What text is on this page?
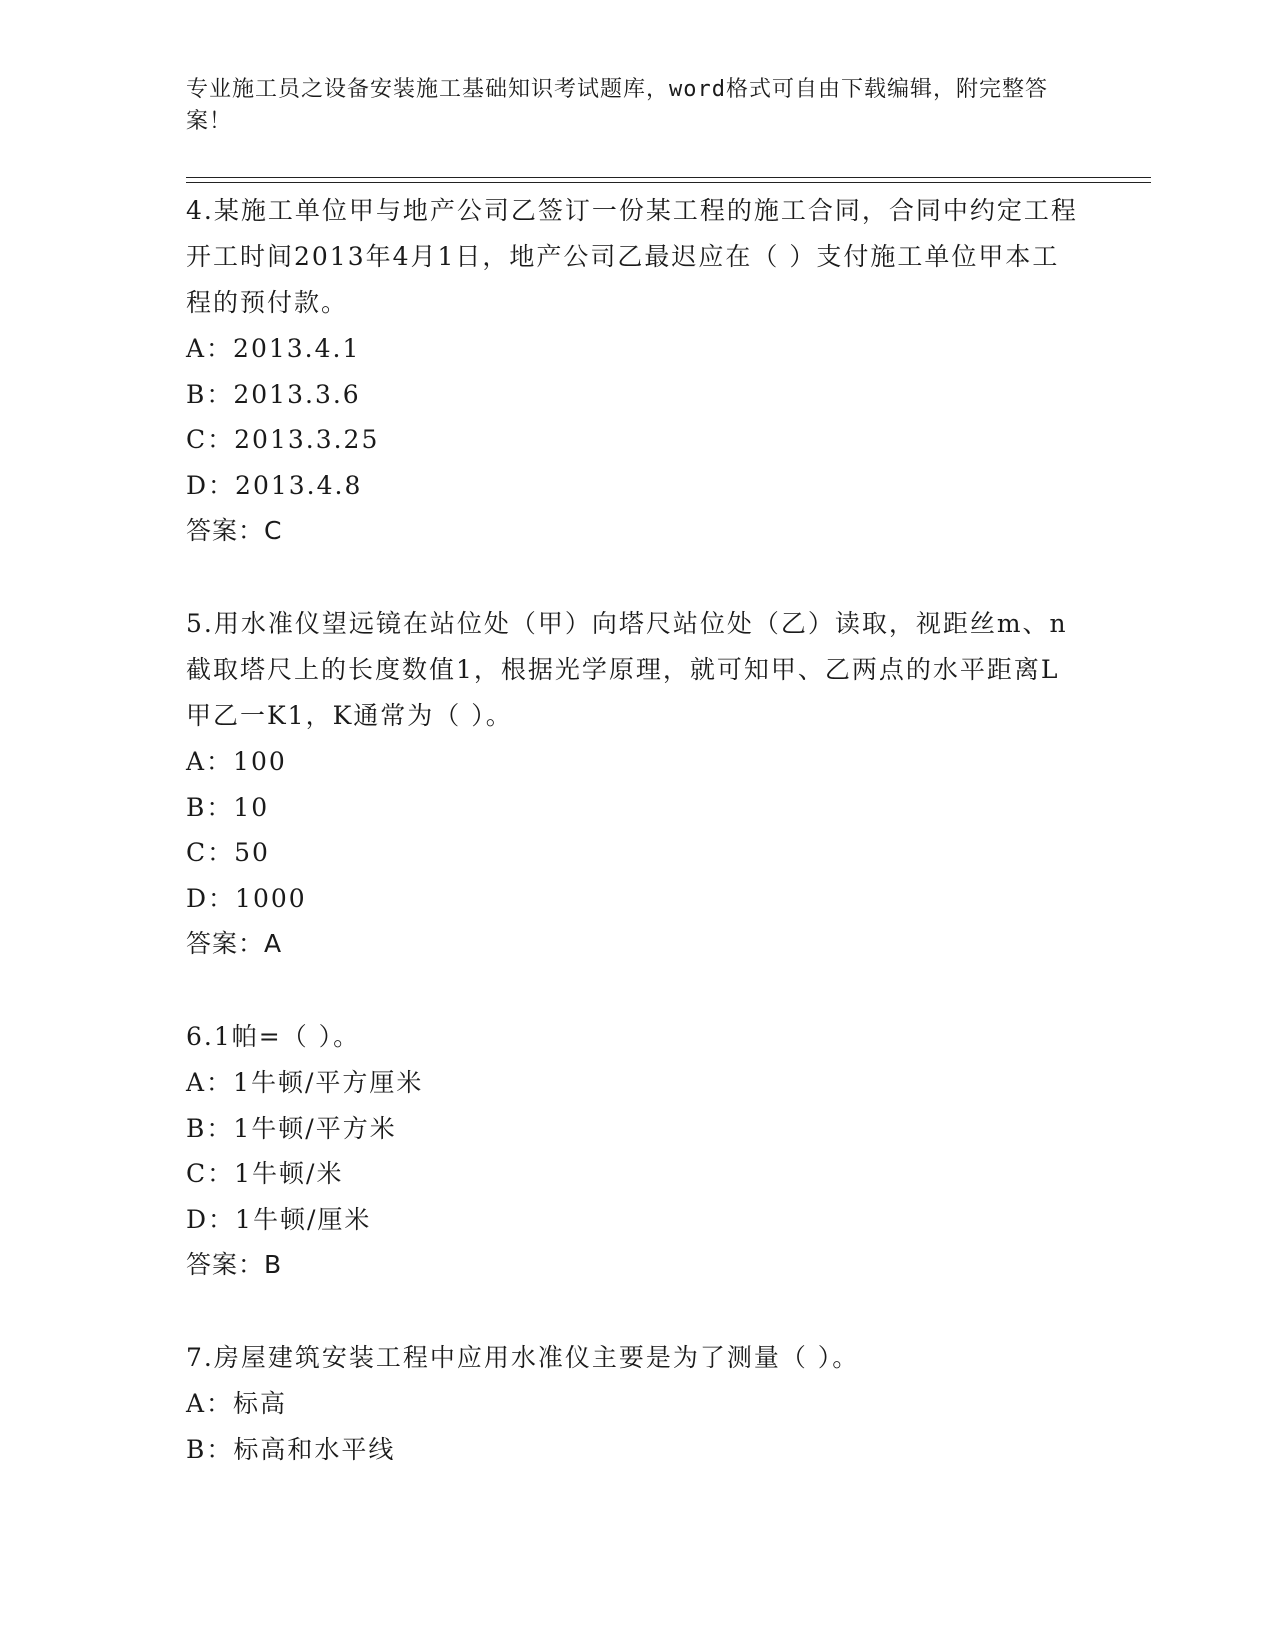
专业施工员之设备安装施工基础知识考试题库，word格式可自由下载编辑，附完整答案！

4.某施工单位甲与地产公司乙签订一份某工程的施工合同，合同中约定工程开工时间2013年4月1日，地产公司乙最迟应在（ ）支付施工单位甲本工程的预付款。

A：2013.4.1

B：2013.3.6

C：2013.3.25

D：2013.4.8

答案：C

5.用水准仪望远镜在站位处（甲）向塔尺站位处（乙）读取，视距丝m、n截取塔尺上的长度数值1，根据光学原理，就可知甲、乙两点的水平距离L甲乙一K1，K通常为（ ）。

A：100

B：10

C：50

D：1000

答案：A

6.1帕=（ ）。

A：1牛顿/平方厘米

B：1牛顿/平方米

C：1牛顿/米

D：1牛顿/厘米

答案：B

7.房屋建筑安装工程中应用水准仪主要是为了测量（ ）。

A：标高

B：标高和水平线
